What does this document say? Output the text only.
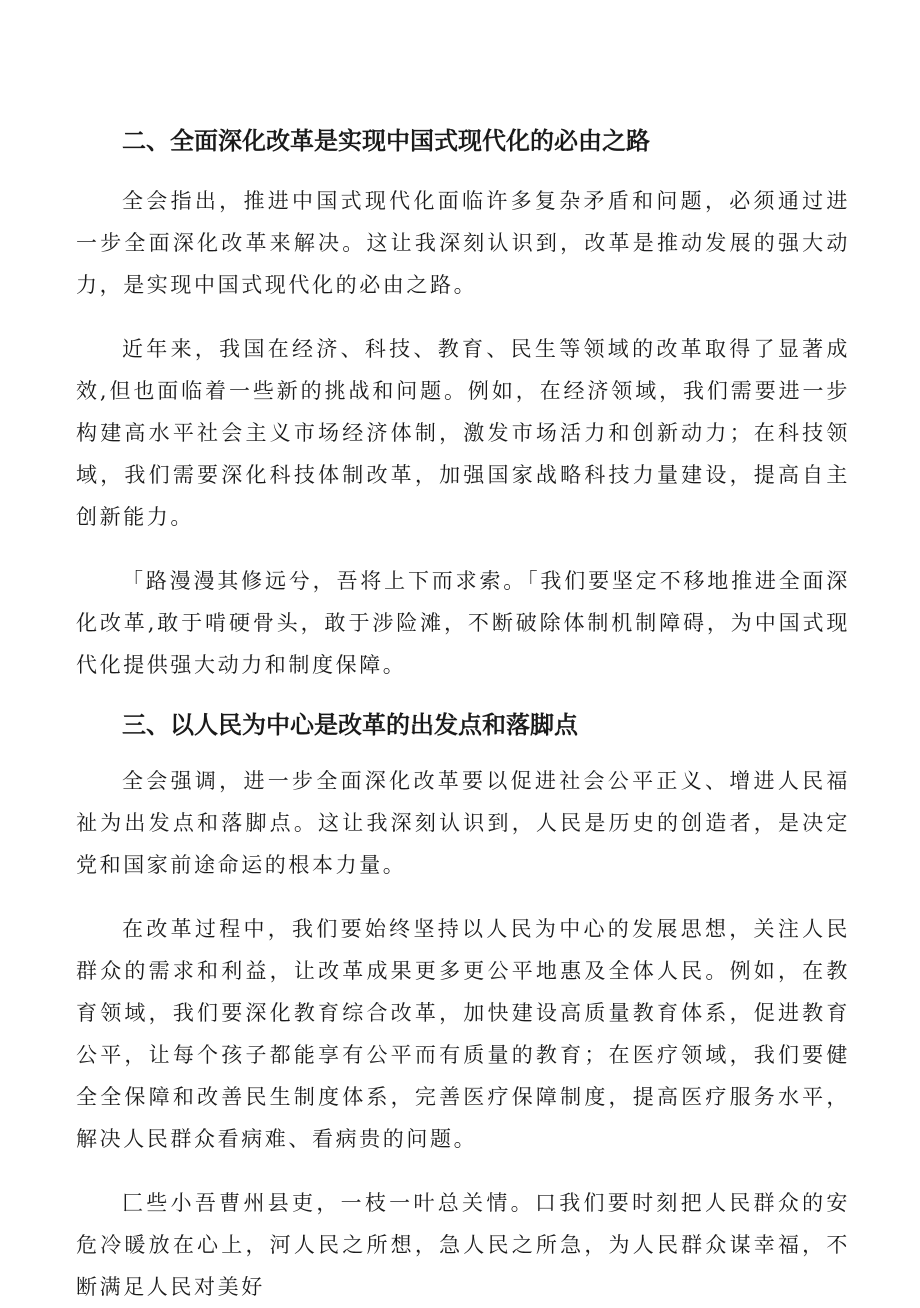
二、全面深化改革是实现中国式现代化的必由之路

全会指出，推进中国式现代化面临许多复杂矛盾和问题，必须通过进一步全面深化改革来解决。这让我深刻认识到，改革是推动发展的强大动力，是实现中国式现代化的必由之路。

近年来，我国在经济、科技、教育、民生等领域的改革取得了显著成效,但也面临着一些新的挑战和问题。例如，在经济领域，我们需要进一步构建高水平社会主义市场经济体制，激发市场活力和创新动力；在科技领域，我们需要深化科技体制改革，加强国家战略科技力量建设，提高自主创新能力。

「路漫漫其修远兮，吾将上下而求索。「我们要坚定不移地推进全面深化改革,敢于啃硬骨头，敢于涉险滩，不断破除体制机制障碍，为中国式现代化提供强大动力和制度保障。

三、以人民为中心是改革的出发点和落脚点

全会强调，进一步全面深化改革要以促进社会公平正义、增进人民福祉为出发点和落脚点。这让我深刻认识到，人民是历史的创造者，是决定党和国家前途命运的根本力量。

在改革过程中，我们要始终坚持以人民为中心的发展思想，关注人民群众的需求和利益，让改革成果更多更公平地惠及全体人民。例如，在教育领域，我们要深化教育综合改革，加快建设高质量教育体系，促进教育公平，让每个孩子都能享有公平而有质量的教育；在医疗领域，我们要健全全保障和改善民生制度体系，完善医疗保障制度，提高医疗服务水平，解决人民群众看病难、看病贵的问题。

匚些小吾曹州县吏，一枝一叶总关情。口我们要时刻把人民群众的安危冷暖放在心上，河人民之所想，急人民之所急，为人民群众谋幸福，不断满足人民对美好
